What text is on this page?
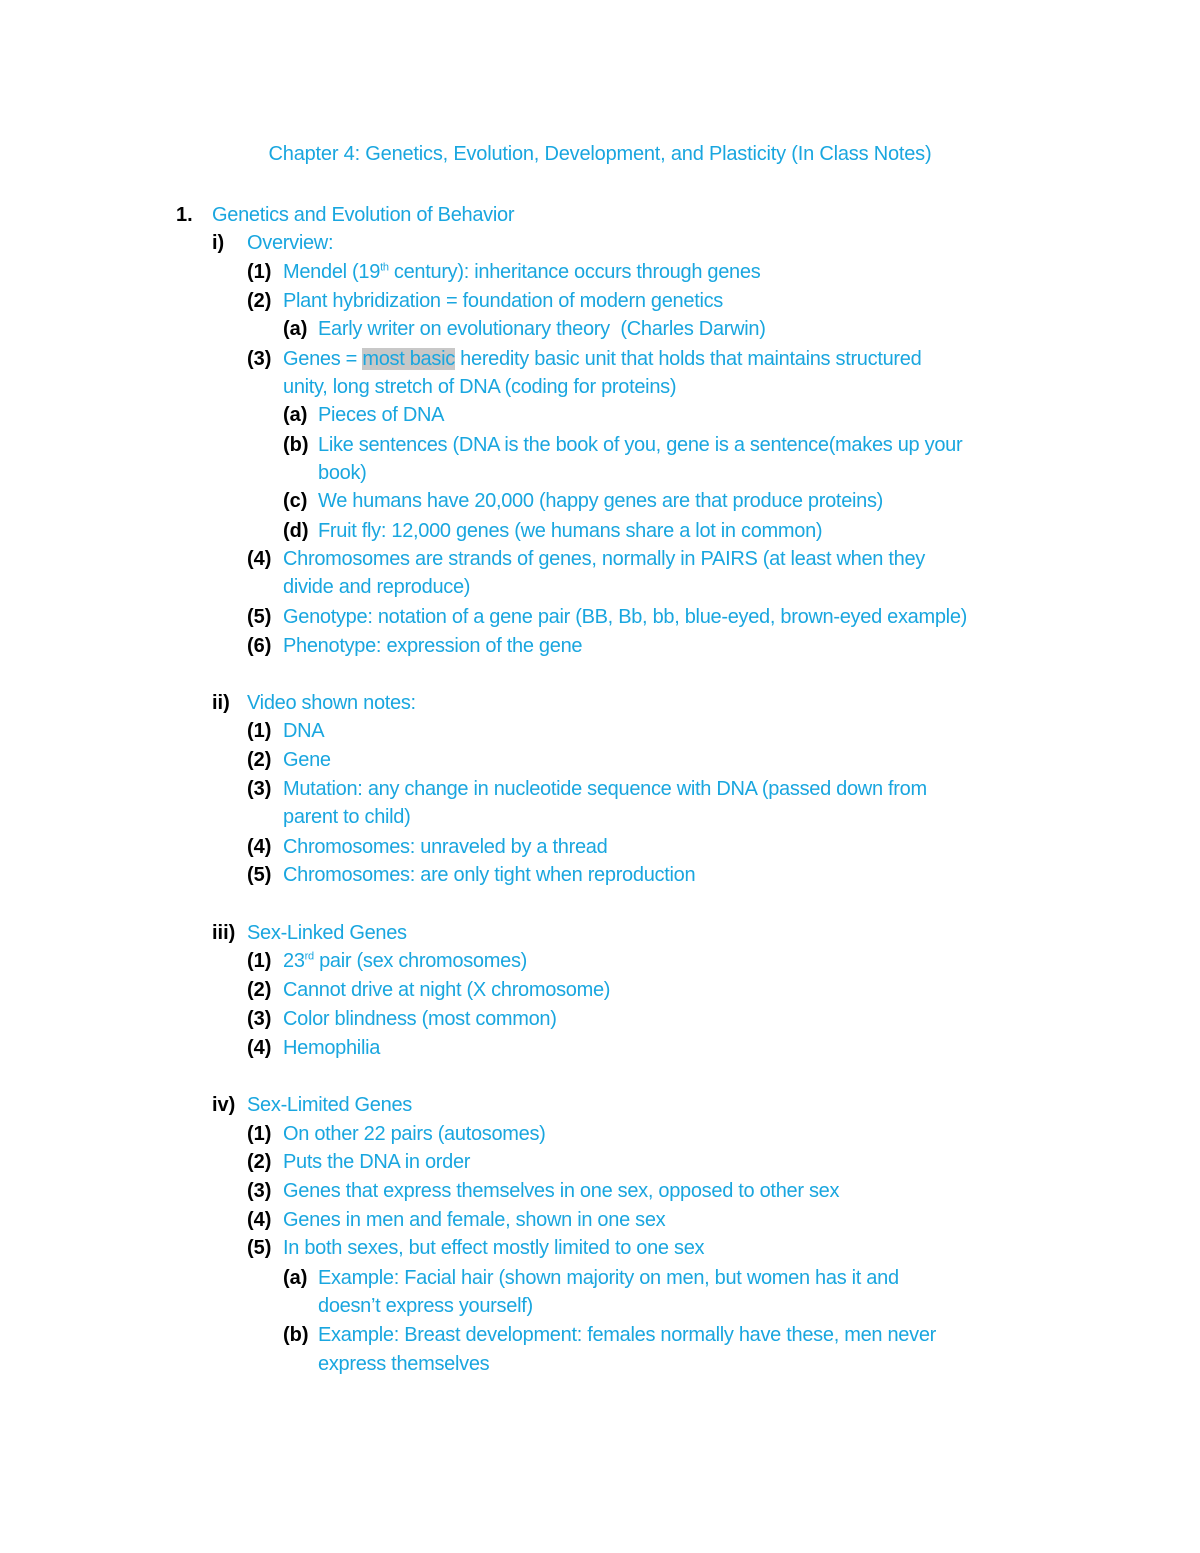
Chapter 4: Genetics, Evolution, Development, and Plasticity (In Class Notes)
1. Genetics and Evolution of Behavior
i) Overview:
(1) Mendel (19th century): inheritance occurs through genes
(2) Plant hybridization = foundation of modern genetics
(a) Early writer on evolutionary theory  (Charles Darwin)
(3) Genes = most basic heredity basic unit that holds that maintains structured
unity, long stretch of DNA (coding for proteins)
(a) Pieces of DNA
(b) Like sentences (DNA is the book of you, gene is a sentence(makes up your
book)
(c) We humans have 20,000 (happy genes are that produce proteins)
(d) Fruit fly: 12,000 genes (we humans share a lot in common)
(4) Chromosomes are strands of genes, normally in PAIRS (at least when they
divide and reproduce)
(5) Genotype: notation of a gene pair (BB, Bb, bb, blue-eyed, brown-eyed example)
(6) Phenotype: expression of the gene
ii) Video shown notes:
(1) DNA
(2) Gene
(3) Mutation: any change in nucleotide sequence with DNA (passed down from
parent to child)
(4) Chromosomes: unraveled by a thread
(5) Chromosomes: are only tight when reproduction
iii) Sex-Linked Genes
(1) 23rd pair (sex chromosomes)
(2) Cannot drive at night (X chromosome)
(3) Color blindness (most common)
(4) Hemophilia
iv) Sex-Limited Genes
(1) On other 22 pairs (autosomes)
(2) Puts the DNA in order
(3) Genes that express themselves in one sex, opposed to other sex
(4) Genes in men and female, shown in one sex
(5) In both sexes, but effect mostly limited to one sex
(a) Example: Facial hair (shown majority on men, but women has it and
doesn’t express yourself)
(b) Example: Breast development: females normally have these, men never
express themselves
